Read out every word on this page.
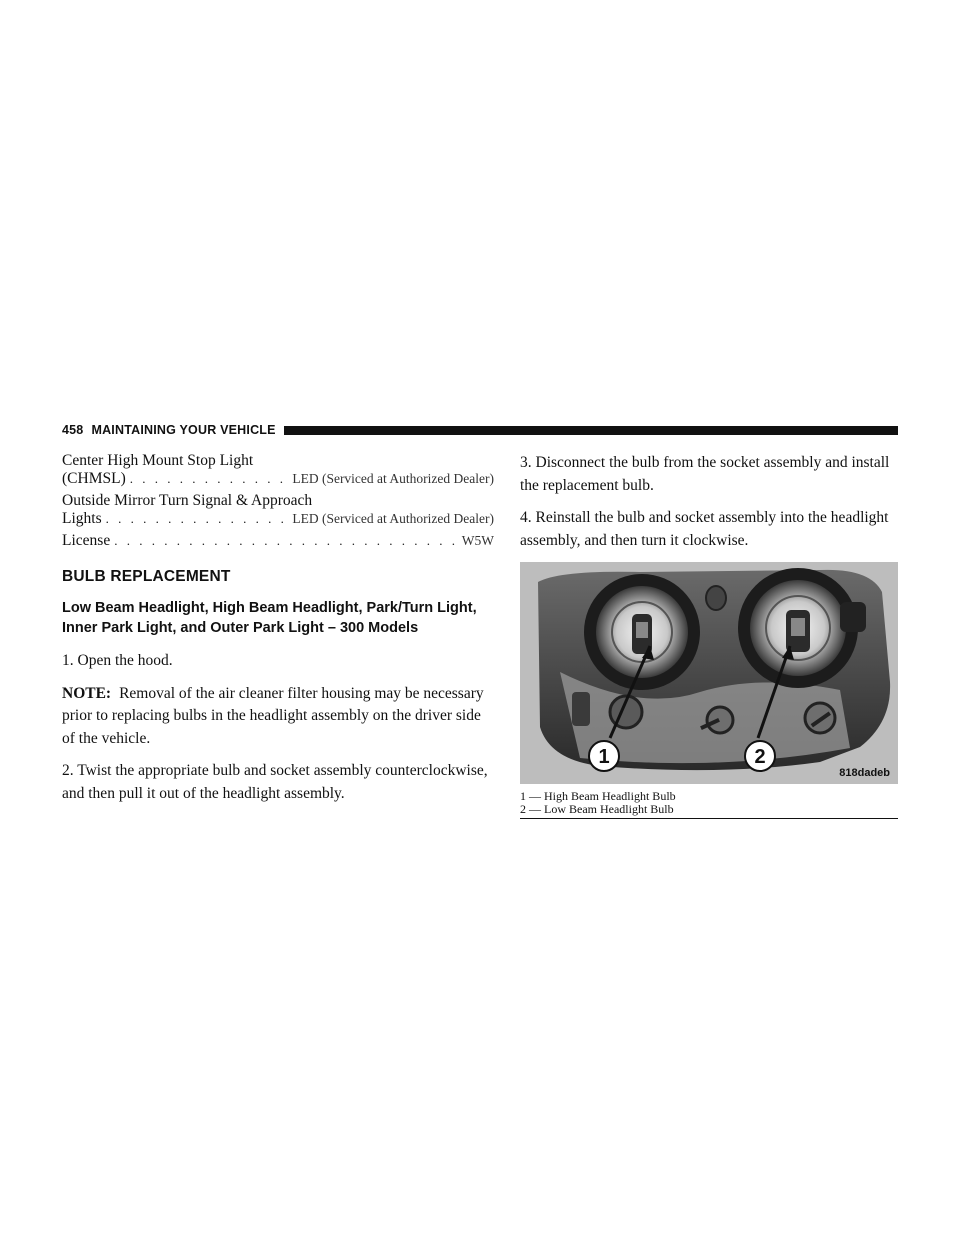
458 MAINTAINING YOUR VEHICLE
Center High Mount Stop Light
(CHMSL) . . .	LED (Serviced at Authorized Dealer)
Outside Mirror Turn Signal & Approach
Lights . . .	LED (Serviced at Authorized Dealer)
License . . .	W5W
BULB REPLACEMENT
Low Beam Headlight, High Beam Headlight, Park/Turn Light, Inner Park Light, and Outer Park Light – 300 Models

1. Open the hood.

NOTE: Removal of the air cleaner filter housing may be necessary prior to replacing bulbs in the headlight assembly on the driver side of the vehicle.

2. Twist the appropriate bulb and socket assembly counterclockwise, and then pull it out of the headlight assembly.

3. Disconnect the bulb from the socket assembly and install the replacement bulb.

4. Reinstall the bulb and socket assembly into the headlight assembly, and then turn it clockwise.

1	2
818dadeb
1 — High Beam Headlight Bulb
2 — Low Beam Headlight Bulb
